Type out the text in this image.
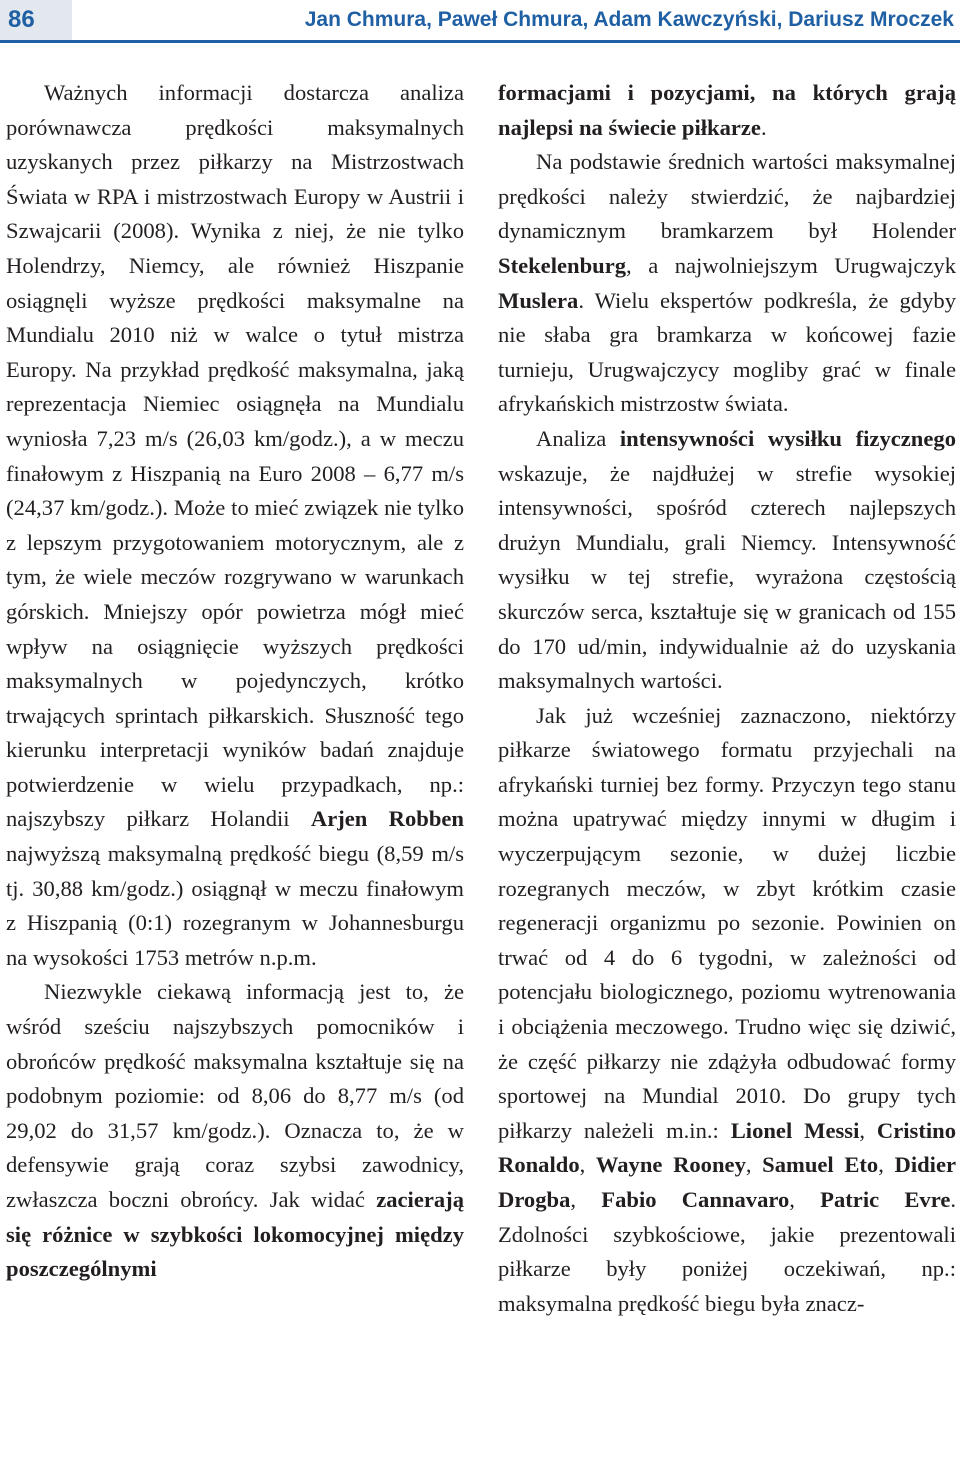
86	Jan Chmura, Paweł Chmura, Adam Kawczyński, Dariusz Mroczek

Ważnych informacji dostarcza analiza porównawcza prędkości maksymalnych uzyskanych przez piłkarzy na Mistrzostwach Świata w RPA i mistrzostwach Europy w Austrii i Szwajcarii (2008). Wynika z niej, że nie tylko Holendrzy, Niemcy, ale również Hiszpanie osiągnęli wyższe prędkości maksymalne na Mundialu 2010 niż w walce o tytuł mistrza Europy. Na przykład prędkość maksymalna, jaką reprezentacja Niemiec osiągnęła na Mundialu wyniosła 7,23 m/s (26,03 km/godz.), a w meczu finałowym z Hiszpanią na Euro 2008 – 6,77 m/s (24,37 km/godz.). Może to mieć związek nie tylko z lepszym przygotowaniem motorycznym, ale z tym, że wiele meczów rozgrywano w warunkach górskich. Mniejszy opór powietrza mógł mieć wpływ na osiągnięcie wyższych prędkości maksymalnych w pojedynczych, krótko trwających sprintach piłkarskich. Słuszność tego kierunku interpretacji wyników badań znajduje potwierdzenie w wielu przypadkach, np.: najszybszy piłkarz Holandii Arjen Robben najwyższą maksymalną prędkość biegu (8,59 m/s tj. 30,88 km/godz.) osiągnął w meczu finałowym z Hiszpanią (0:1) rozegranym w Johannesburgu na wysokości 1753 metrów n.p.m.

Niezwykle ciekawą informacją jest to, że wśród sześciu najszybszych pomocników i obrońców prędkość maksymalna kształtuje się na podobnym poziomie: od 8,06 do 8,77 m/s (od 29,02 do 31,57 km/godz.). Oznacza to, że w defensywie grają coraz szybsi zawodnicy, zwłaszcza boczni obrońcy. Jak widać zacierają się różnice w szybkości lokomocyjnej między poszczególnymi

formacjami i pozycjami, na których grają najlepsi na świecie piłkarze.

Na podstawie średnich wartości maksymalnej prędkości należy stwierdzić, że najbardziej dynamicznym bramkarzem był Holender Stekelenburg, a najwolniejszym Urugwajczyk Muslera. Wielu ekspertów podkreśla, że gdyby nie słaba gra bramkarza w końcowej fazie turnieju, Urugwajczycy mogliby grać w finale afrykańskich mistrzostw świata.

Analiza intensywności wysiłku fizycznego wskazuje, że najdłużej w strefie wysokiej intensywności, spośród czterech najlepszych drużyn Mundialu, grali Niemcy. Intensywność wysiłku w tej strefie, wyrażona częstością skurczów serca, kształtuje się w granicach od 155 do 170 ud/min, indywidualnie aż do uzyskania maksymalnych wartości.

Jak już wcześniej zaznaczono, niektórzy piłkarze światowego formatu przyjechali na afrykański turniej bez formy. Przyczyn tego stanu można upatrywać między innymi w długim i wyczerpującym sezonie, w dużej liczbie rozegranych meczów, w zbyt krótkim czasie regeneracji organizmu po sezonie. Powinien on trwać od 4 do 6 tygodni, w zależności od potencjału biologicznego, poziomu wytrenowania i obciążenia meczowego. Trudno więc się dziwić, że część piłkarzy nie zdążyła odbudować formy sportowej na Mundial 2010. Do grupy tych piłkarzy należeli m.in.: Lionel Messi, Cristino Ronaldo, Wayne Rooney, Samuel Eto, Didier Drogba, Fabio Cannavaro, Patric Evre. Zdolności szybkościowe, jakie prezentowali piłkarze były poniżej oczekiwań, np.: maksymalna prędkość biegu była znacz-
